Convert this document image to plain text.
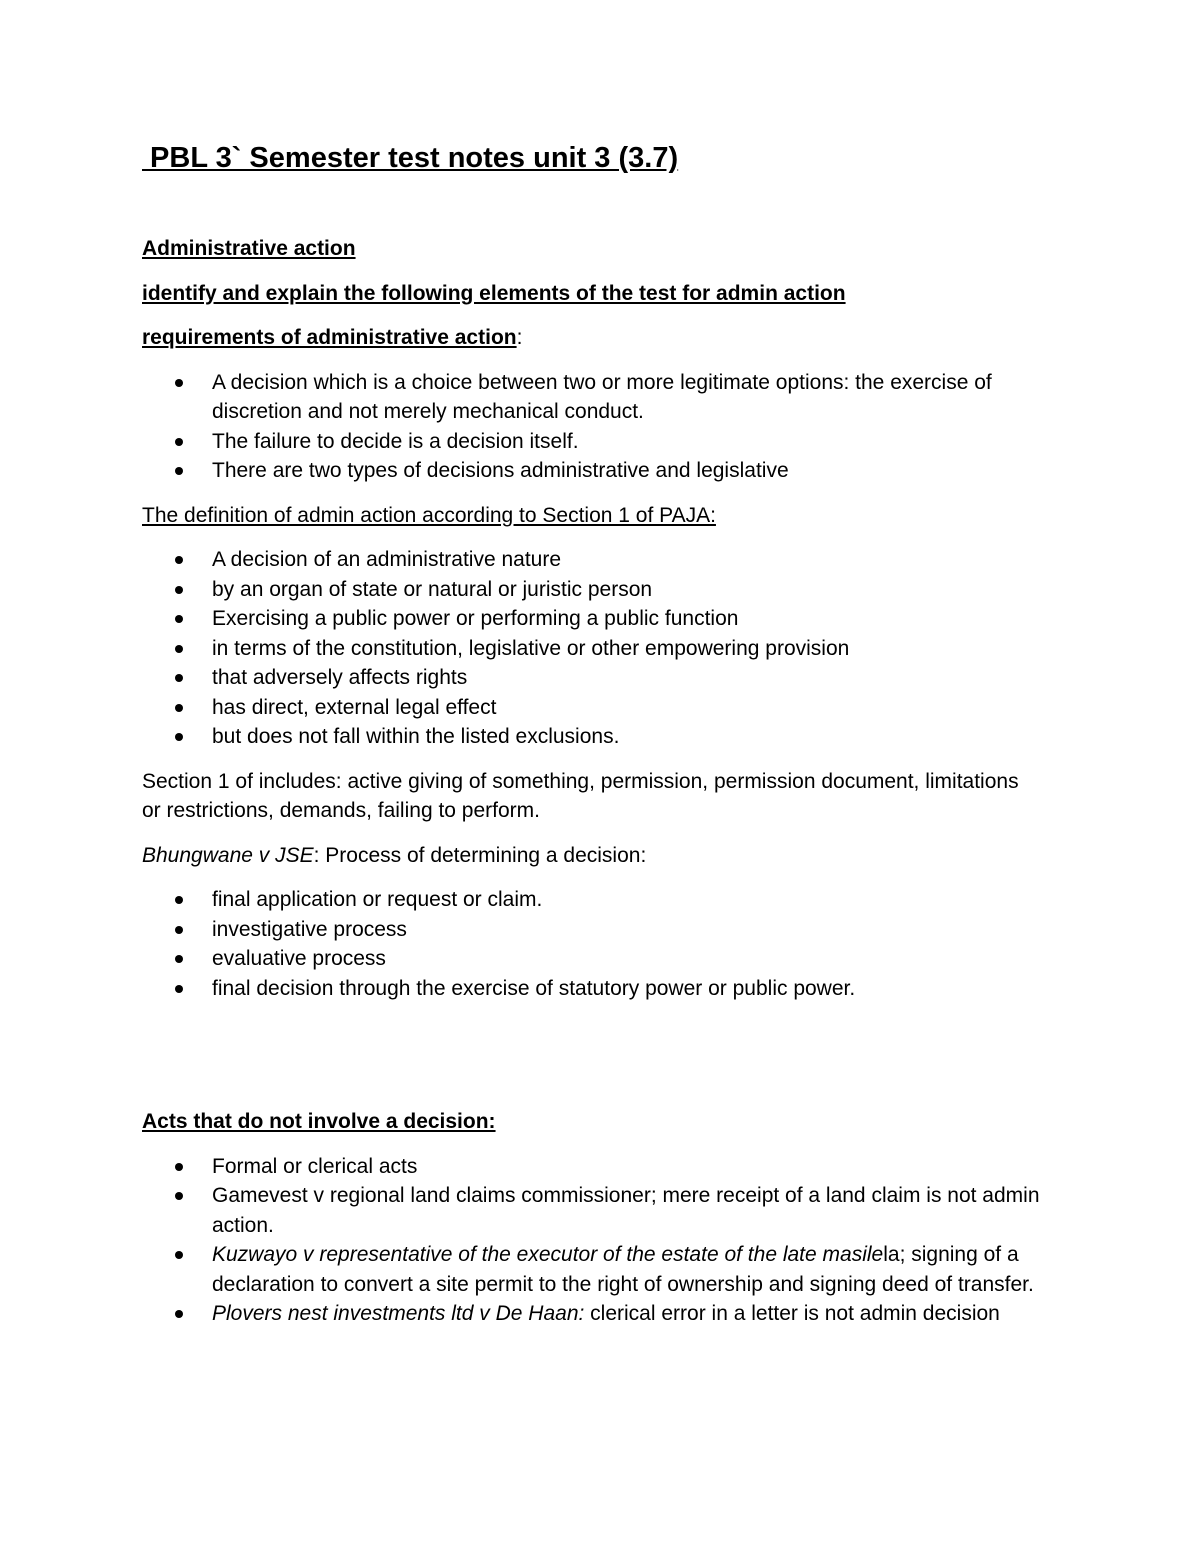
PBL 3` Semester test notes unit 3 (3.7)

Administrative action

identify and explain the following elements of the test for admin action

requirements of administrative action:

A decision which is a choice between two or more legitimate options: the exercise of discretion and not merely mechanical conduct.
The failure to decide is a decision itself.
There are two types of decisions administrative and legislative

The definition of admin action according to Section 1 of PAJA:

A decision of an administrative nature
by an organ of state or natural or juristic person
Exercising a public power or performing a public function
in terms of the constitution, legislative or other empowering provision
that adversely affects rights
has direct, external legal effect
but does not fall within the listed exclusions.

Section 1 of includes: active giving of something, permission, permission document, limitations or restrictions, demands, failing to perform.

Bhungwane v JSE: Process of determining a decision:

final application or request or claim.
investigative process
evaluative process
final decision through the exercise of statutory power or public power.

Acts that do not involve a decision:

Formal or clerical acts
Gamevest v regional land claims commissioner; mere receipt of a land claim is not admin action.
Kuzwayo v representative of the executor of the estate of the late masilela; signing of a declaration to convert a site permit to the right of ownership and signing deed of transfer.
Plovers nest investments ltd v De Haan: clerical error in a letter is not admin decision
